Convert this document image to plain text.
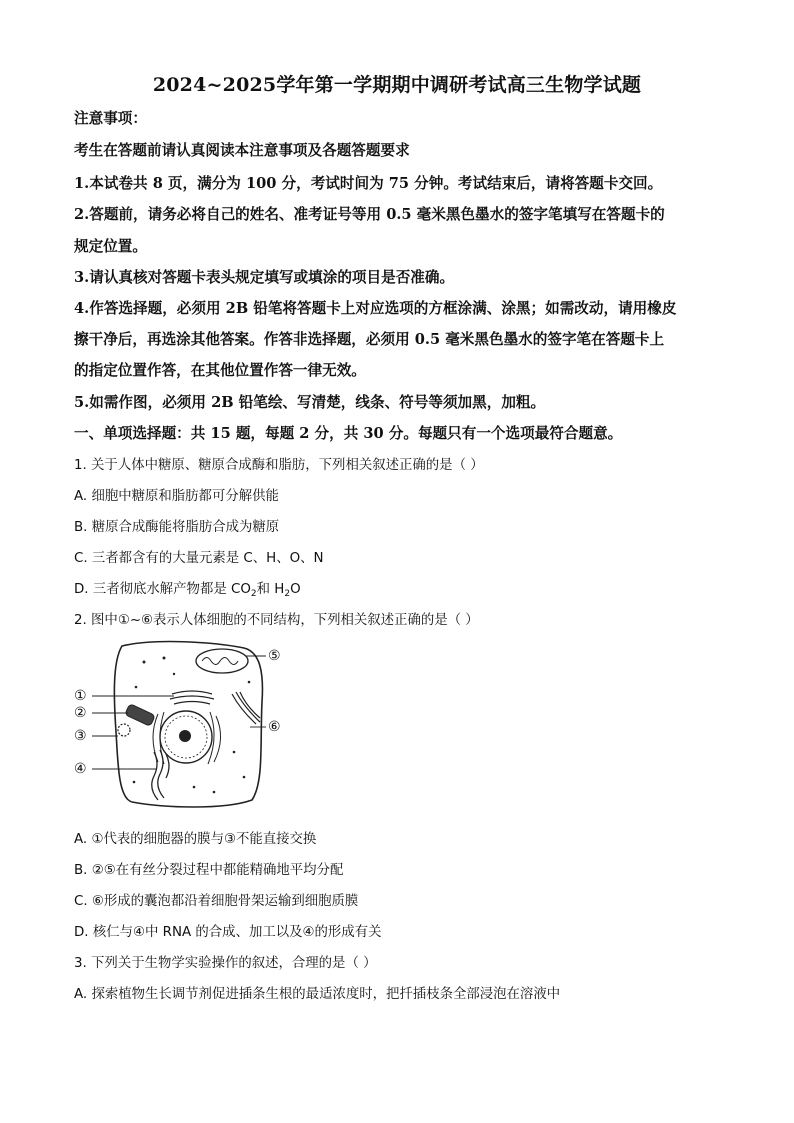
2024~2025学年第一学期期中调研考试高三生物学试题
注意事项：
考生在答题前请认真阅读本注意事项及各题答题要求
1.本试卷共 8 页，满分为 100 分，考试时间为 75 分钟。考试结束后，请将答题卡交回。
2.答题前，请务必将自己的姓名、准考证号等用 0.5 毫米黑色墨水的签字笔填写在答题卡的
规定位置。
3.请认真核对答题卡表头规定填写或填涂的项目是否准确。
4.作答选择题，必须用 2B 铅笔将答题卡上对应选项的方框涂满、涂黑；如需改动，请用橡皮
擦干净后，再选涂其他答案。作答非选择题，必须用 0.5 毫米黑色墨水的签字笔在答题卡上
的指定位置作答，在其他位置作答一律无效。
5.如需作图，必须用 2B 铅笔绘、写清楚，线条、符号等须加黑，加粗。
一、单项选择题：共 15 题，每题 2 分，共 30 分。每题只有一个选项最符合题意。
1. 关于人体中糖原、糖原合成酶和脂肪，下列相关叙述正确的是（ ）
A. 细胞中糖原和脂肪都可分解供能
B. 糖原合成酶能将脂肪合成为糖原
C. 三者都含有的大量元素是 C、H、O、N
D. 三者彻底水解产物都是 $CO_2$和 $H_2O$
2. 图中①~⑥表示人体细胞的不同结构，下列相关叙述正确的是（ ）
①
②
③
④
⑤
⑥
A. ①代表的细胞器的膜与③不能直接交换
B. ②⑤在有丝分裂过程中都能精确地平均分配
C. ⑥形成的囊泡都沿着细胞骨架运输到细胞质膜
D. 核仁与④中 RNA 的合成、加工以及④的形成有关
3. 下列关于生物学实验操作的叙述，合理的是（ ）
A. 探索植物生长调节剂促进插条生根的最适浓度时，把扦插枝条全部浸泡在溶液中
